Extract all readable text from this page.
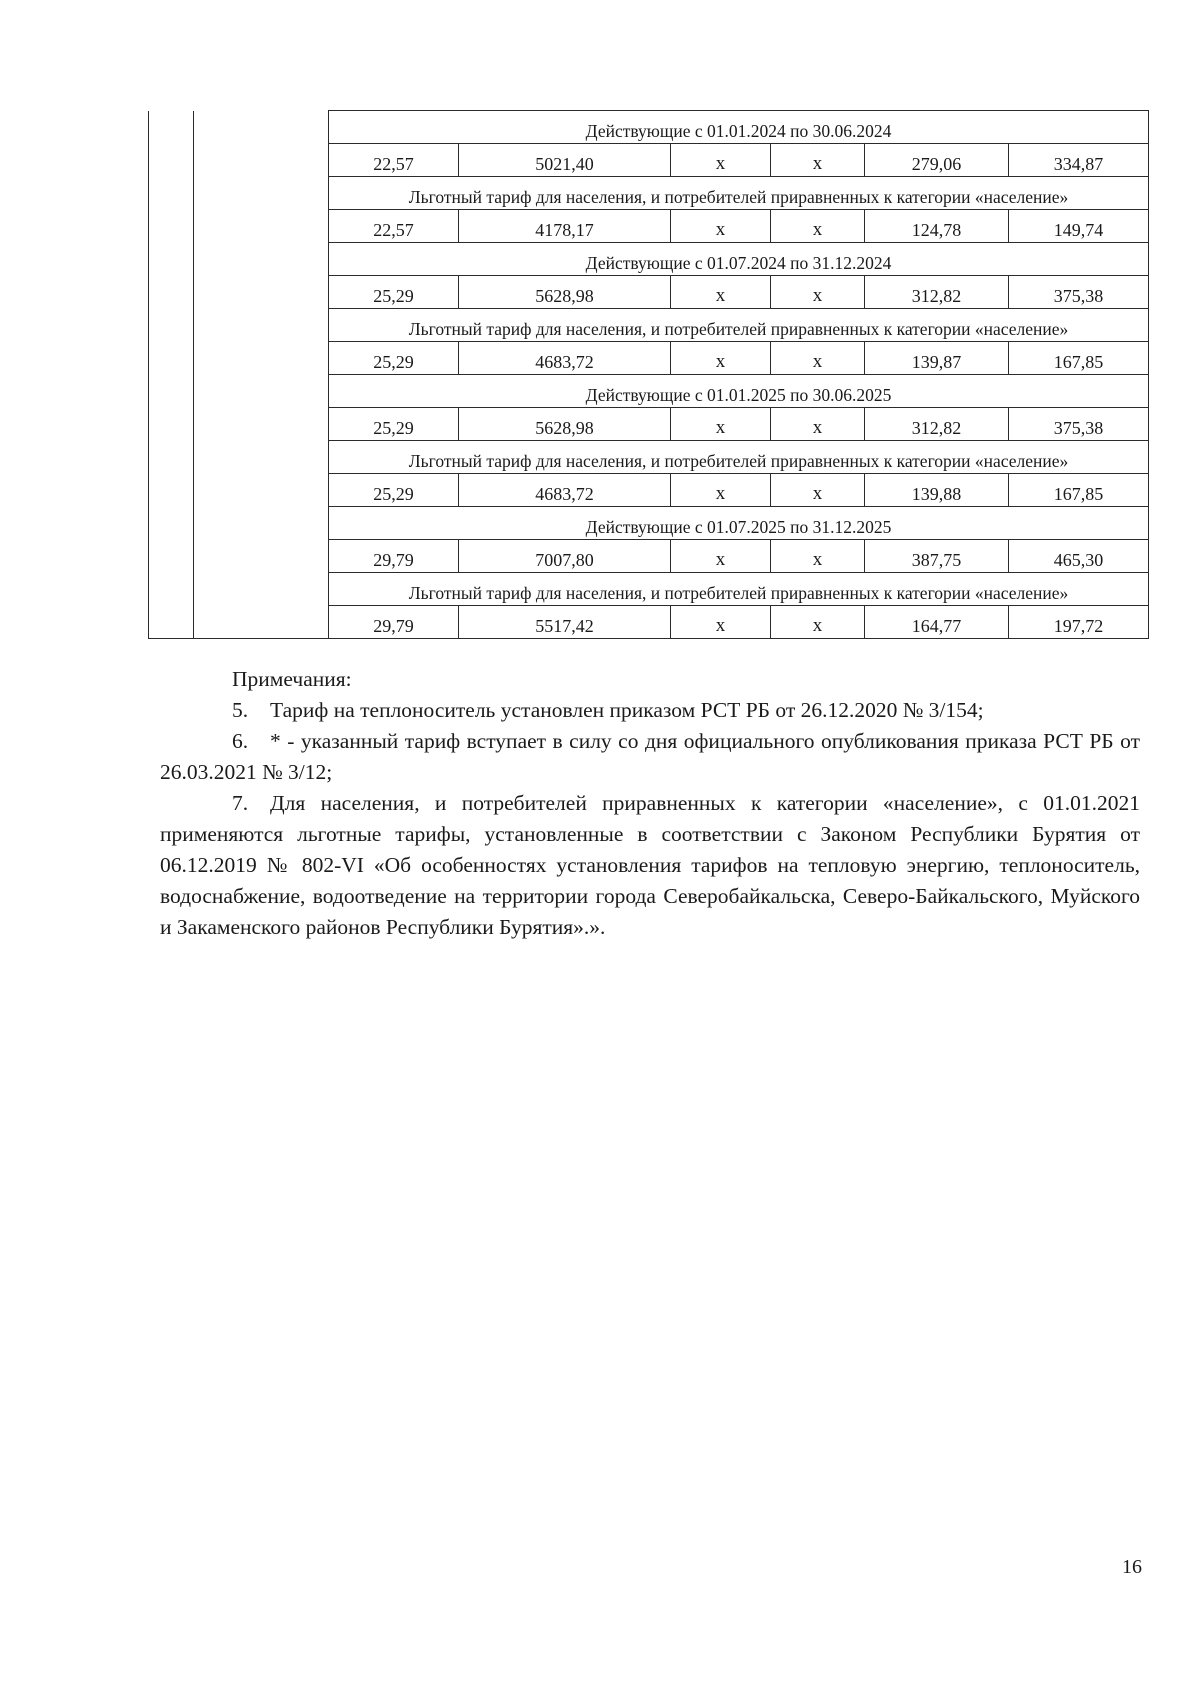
		Действующие с 01.01.2024 по 30.06.2024					
		22,57	5021,40	х	х	279,06	334,87
		Льготный тариф для населения, и потребителей приравненных к категории «население»					
		22,57	4178,17	х	х	124,78	149,74
		Действующие с 01.07.2024 по 31.12.2024					
		25,29	5628,98	х	х	312,82	375,38
		Льготный тариф для населения, и потребителей приравненных к категории «население»					
		25,29	4683,72	х	х	139,87	167,85
		Действующие с 01.01.2025 по 30.06.2025					
		25,29	5628,98	х	х	312,82	375,38
		Льготный тариф для населения, и потребителей приравненных к категории «население»					
		25,29	4683,72	х	х	139,88	167,85
		Действующие с 01.07.2025 по 31.12.2025					
		29,79	7007,80	х	х	387,75	465,30
		Льготный тариф для населения, и потребителей приравненных к категории «население»					
		29,79	5517,42	х	х	164,77	197,72

Примечания:

5. Тариф на теплоноситель установлен приказом РСТ РБ от 26.12.2020 № 3/154;

6. * - указанный тариф вступает в силу со дня официального опубликования приказа РСТ РБ от 26.03.2021 № 3/12;

7. Для населения, и потребителей приравненных к категории «население», с 01.01.2021 применяются льготные тарифы, установленные в соответствии с Законом Республики Бурятия от 06.12.2019 № 802-VI «Об особенностях установления тарифов на тепловую энергию, теплоноситель, водоснабжение, водоотведение на территории города Северобайкальска, Северо-Байкальского, Муйского и Закаменского районов Республики Бурятия».».

16
